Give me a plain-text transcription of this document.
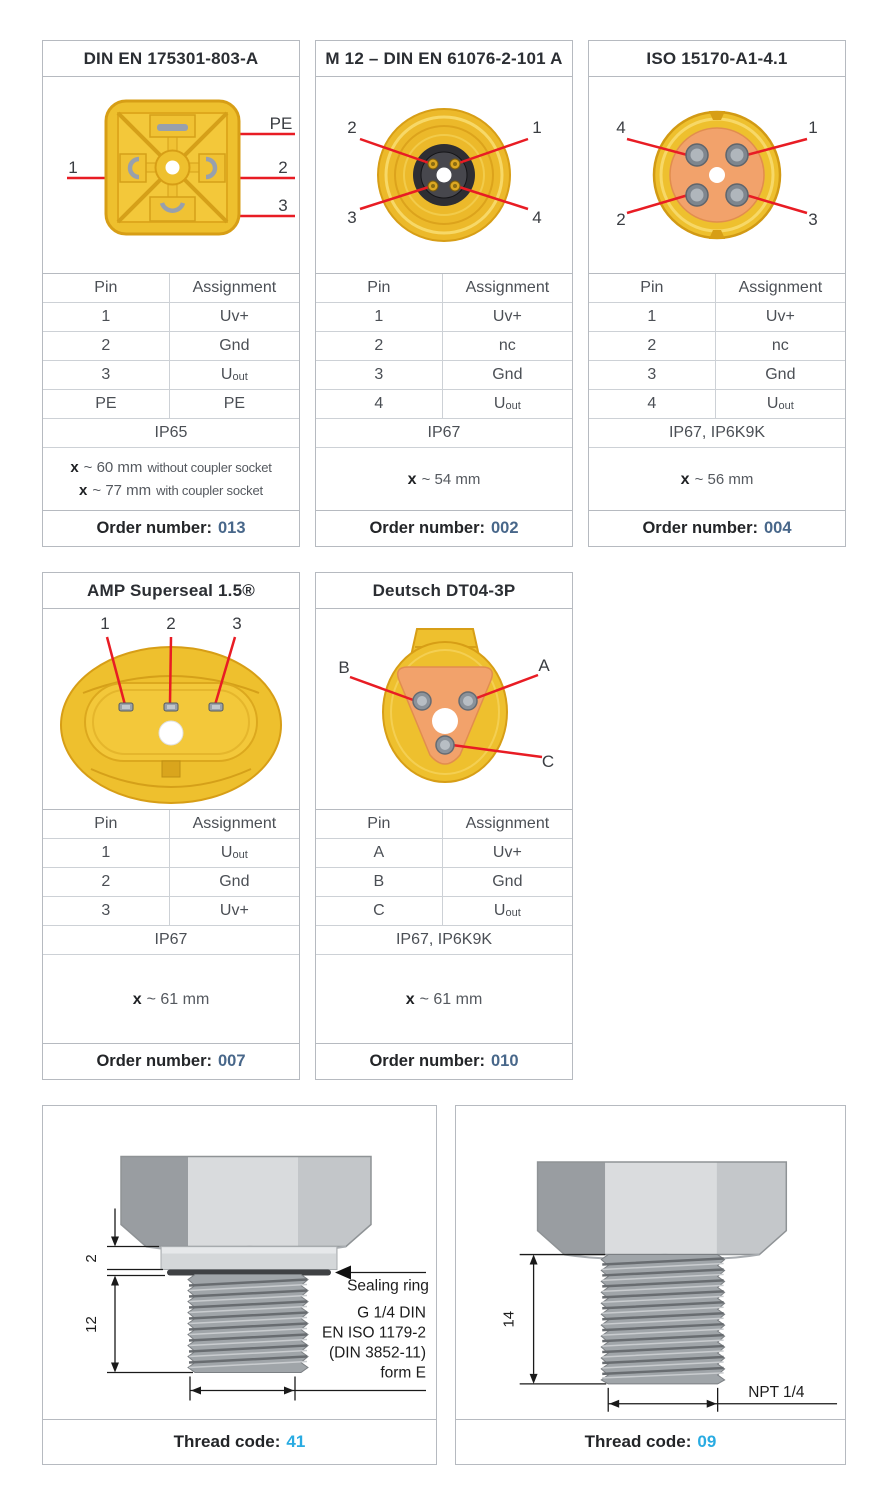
DIN EN 175301-803-A
PE
1	2
3
Pin	Assignment
1	Uv+
2	Gnd
3	U out
PE	PE
IP65
x ~ 60 mm without coupler socket
x ~ 77 mm with coupler socket
Order number: 013
M 12 – DIN EN 61076-2-101 A
2	1
3	4
Pin	Assignment
1	Uv+
2	nc
3	Gnd
4	U out
IP67
x ~ 54 mm
Order number: 002
ISO 15170-A1-4.1
4	1
2	3
Pin	Assignment
1	Uv+
2	nc
3	Gnd
4	U out
IP67, IP6K9K
x ~ 56 mm
Order number: 004
AMP Superseal 1.5®
1	2	3
Pin	Assignment
1	U out
2	Gnd
3	Uv+
IP67
x ~ 61 mm
Order number: 007
Deutsch DT04-3P
B	A
C
Pin	Assignment
A	Uv+
B	Gnd
C	U out
IP67, IP6K9K
x ~ 61 mm
Order number: 010
Sealing ring
2
12
G 1/4 DIN
EN ISO 1179-2
(DIN 3852-11)
form E
Thread code: 41
14
NPT 1/4
Thread code: 09
